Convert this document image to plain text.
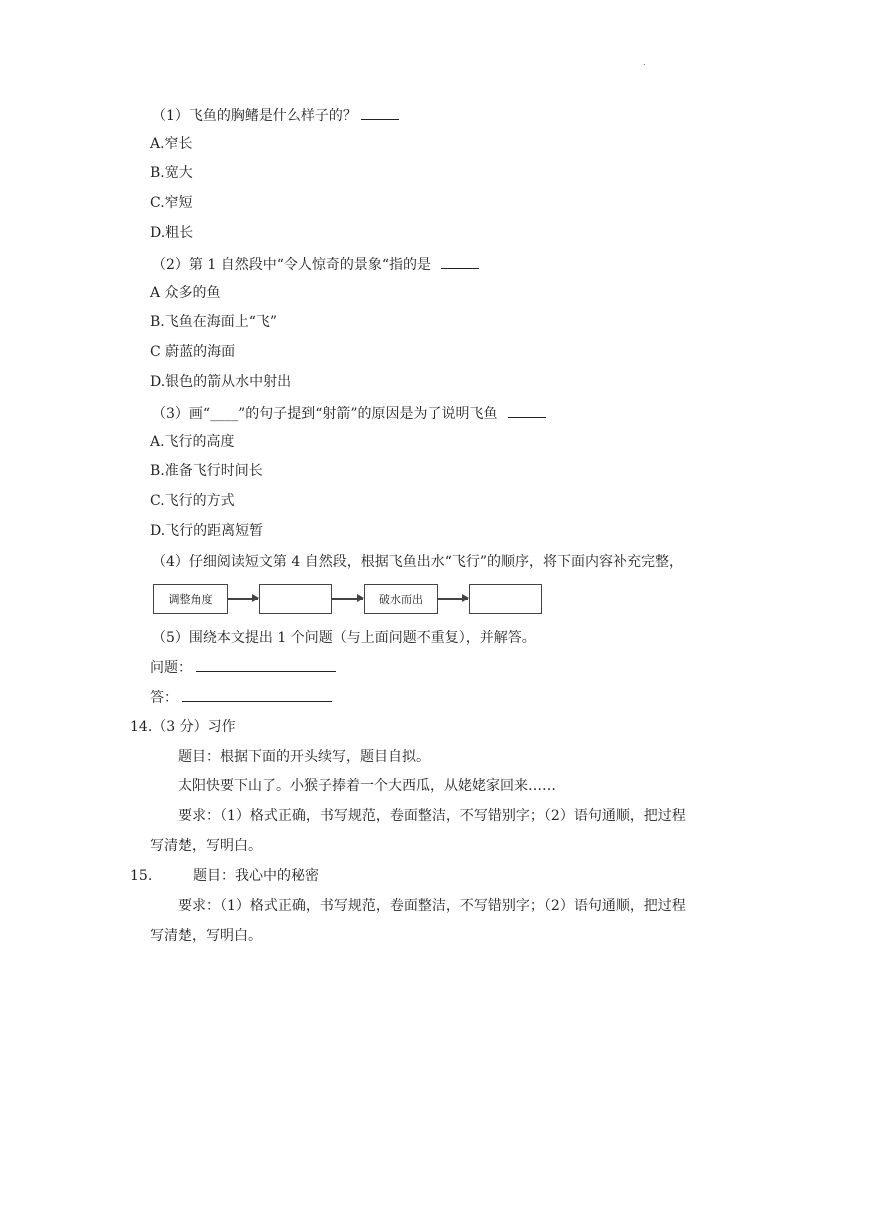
.
（1）飞鱼的胸鳍是什么样子的？
A.窄长
B.宽大
C.窄短
D.粗长
（2）第 1 自然段中“令人惊奇的景象“指的是
A 众多的鱼
B.飞鱼在海面上“飞”
C 蔚蓝的海面
D.银色的箭从水中射出
（3）画“____”的句子提到“射箭”的原因是为了说明飞鱼
A.飞行的高度
B.准备飞行时间长
C.飞行的方式
D.飞行的距离短暂
（4）仔细阅读短文第 4 自然段，根据飞鱼出水“飞行”的顺序，将下面内容补充完整，
调整角度	破水而出
（5）围绕本文提出 1 个问题（与上面问题不重复），并解答。
问题：
答：
14.（3 分）习作
题目：根据下面的开头续写，题目自拟。
太阳快要下山了。小猴子捧着一个大西瓜，从姥姥家回来……
要求：（1）格式正确，书写规范，卷面整洁，不写错别字；（2）语句通顺，把过程
写清楚，写明白。
15.	题目：我心中的秘密
要求：（1）格式正确，书写规范，卷面整洁，不写错别字；（2）语句通顺，把过程
写清楚，写明白。
